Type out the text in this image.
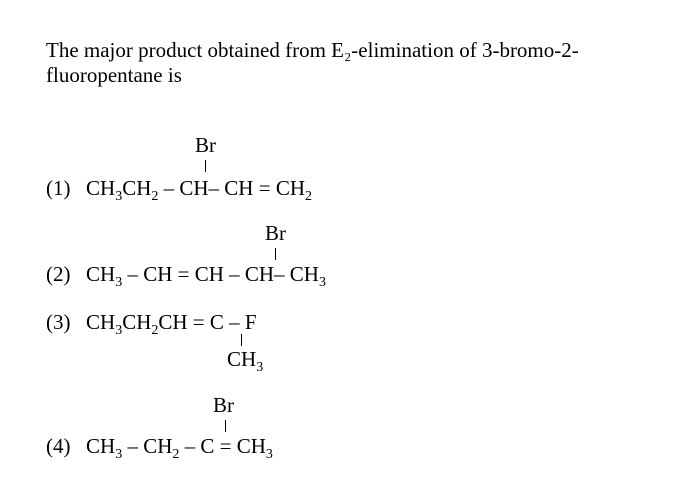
The major product obtained from E₂-elimination of 3-bromo-2-
fluoropentane is
Br
(1) $CH_3CH_2 - CH-$ CH = $CH_2$
Br
(2) $CH_3$ – CH = CH – CH– $CH_3$
(3) $CH_3CH_2CH = C - F$
$CH_3$
Br
(4) $CH_3 - CH_2 - C = CH_3$
